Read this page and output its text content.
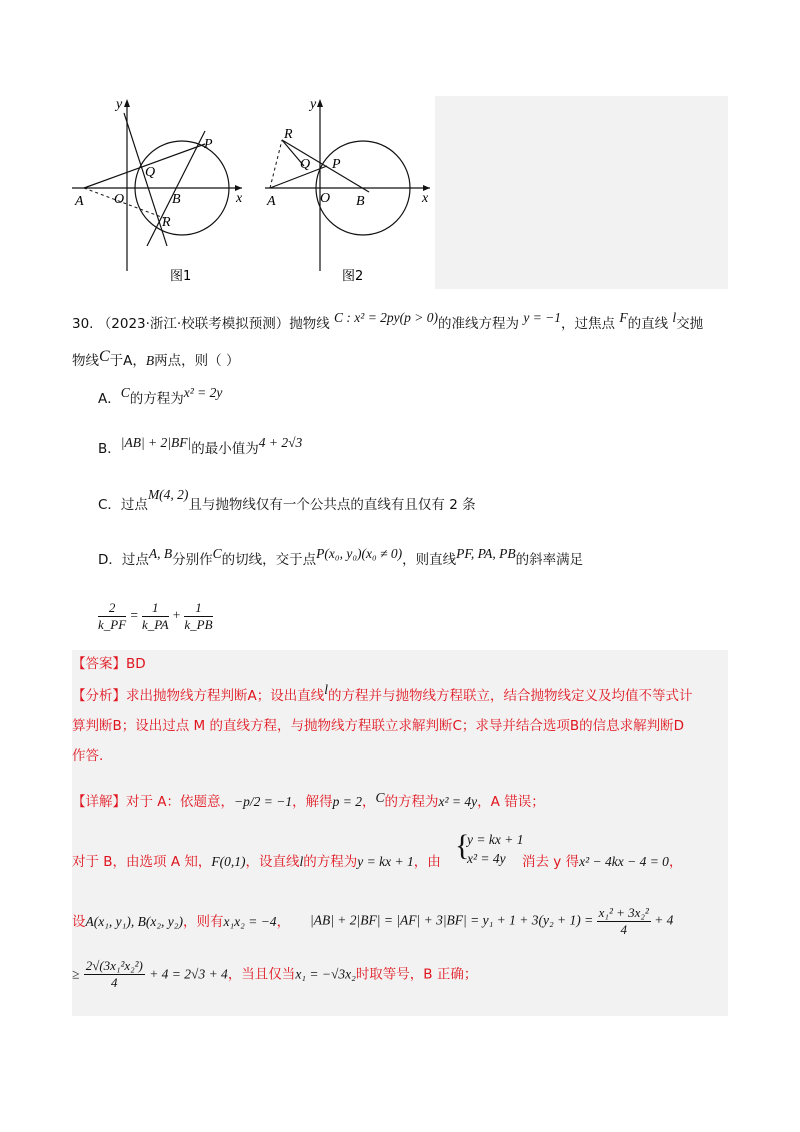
y
x
A O
Q
P
B
R
图1
y
x
A	O
Q P
B
R
图2
30. （2023·浙江·校联考模拟预测）抛物线 C : x² = 2py(p > 0)的准线方程为 y = −1，过焦点 F的直线 l交抛
物线C于A，B两点，则（ ）
A．C的方程为x² = 2y
B．|AB| + 2|BF|的最小值为4 + 2√3
C．过点M(4, 2)且与抛物线仅有一个公共点的直线有且仅有 2 条
D．过点A, B分别作C的切线，交于点P(x₀, y₀)(x₀ ≠ 0)，则直线PF, PA, PB的斜率满足
$\frac{2}{k\_PF} = \frac{1}{k\_PA} + \frac{1}{k\_PB}$
【答案】BD
【分析】求出抛物线方程判断A；设出直线l的方程并与抛物线方程联立，结合抛物线定义及均值不等式计
算判断B；设出过点 M 的直线方程，与抛物线方程联立求解判断C；求导并结合选项B的信息求解判断D
作答.
【详解】对于 A：依题意，−p/2 = −1，解得p = 2，C的方程为x² = 4y，A 错误；
{
y = kx + 1
x² = 4y
对于 B，由选项 A 知，F(0,1)，设直线l的方程为y = kx + 1，由	消去 y 得x² − 4kx − 4 = 0，
设A(x₁, y₁), B(x₂, y₂)，则有x₁x₂ = −4， $|AB| + 2|BF| = |AF| + 3|BF| = y_1 + 1 + 3(y_2 + 1) = \frac{\text{x₁² + 3x₂²}}{4} + 4$
≥ $\frac{\text{2√(3x₁²x₂²)}}{4} + 4 = 2√3 + 4$，当且仅当x₁ = −√3x₂时取等号，B 正确；
